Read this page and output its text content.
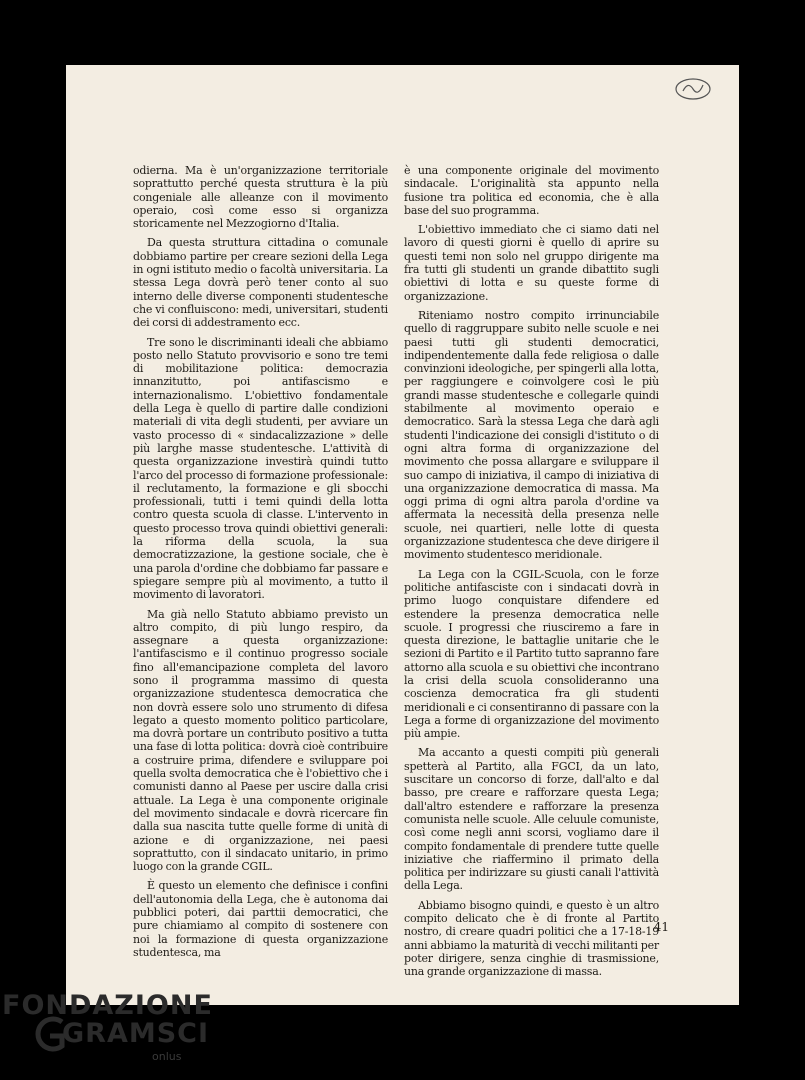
odierna. Ma è un'organizzazione territoriale soprattutto perché questa struttura è la più congeniale alle alleanze con il movimento operaio, così come esso si organizza storicamente nel Mezzogiorno d'Italia.

Da questa struttura cittadina o comunale dobbiamo partire per creare sezioni della Lega in ogni istituto medio o facoltà universitaria. La stessa Lega dovrà però tener conto al suo interno delle diverse componenti studentesche che vi confluiscono: medi, universitari, studenti dei corsi di addestramento ecc.

Tre sono le discriminanti ideali che abbiamo posto nello Statuto provvisorio e sono tre temi di mobilitazione politica: democrazia innanzitutto, poi antifascismo e internazionalismo. L'obiettivo fondamentale della Lega è quello di partire dalle condizioni materiali di vita degli studenti, per avviare un vasto processo di « sindacalizzazione » delle più larghe masse studentesche. L'attività di questa organizzazione investirà quindi tutto l'arco del processo di formazione professionale: il reclutamento, la formazione e gli sbocchi professionali, tutti i temi quindi della lotta contro questa scuola di classe. L'intervento in questo processo trova quindi obiettivi generali: la riforma della scuola, la sua democratizzazione, la gestione sociale, che è una parola d'ordine che dobbiamo far passare e spiegare sempre più al movimento, a tutto il movimento di lavoratori.

Ma già nello Statuto abbiamo previsto un altro compito, di più lungo respiro, da assegnare a questa organizzazione: l'antifascismo e il continuo progresso sociale fino all'emancipazione completa del lavoro sono il programma massimo di questa organizzazione studentesca democratica che non dovrà essere solo uno strumento di difesa legato a questo momento politico particolare, ma dovrà portare un contributo positivo a tutta una fase di lotta politica: dovrà cioè contribuire a costruire prima, difendere e sviluppare poi quella svolta democratica che è l'obiettivo che i comunisti danno al Paese per uscire dalla crisi attuale. La Lega è una componente originale del movimento sindacale e dovrà ricercare fin dalla sua nascita tutte quelle forme di unità di azione e di organizzazione, nei paesi soprattutto, con il sindacato unitario, in primo luogo con la grande CGIL.

È questo un elemento che definisce i confini dell'autonomia della Lega, che è autonoma dai pubblici poteri, dai parttii democratici, che pure chiamiamo al compito di sostenere con noi la formazione di questa organizzazione studentesca, ma

è una componente originale del movimento sindacale. L'originalità sta appunto nella fusione tra politica ed economia, che è alla base del suo programma.

L'obiettivo immediato che ci siamo dati nel lavoro di questi giorni è quello di aprire su questi temi non solo nel gruppo dirigente ma fra tutti gli studenti un grande dibattito sugli obiettivi di lotta e su queste forme di organizzazione.

Riteniamo nostro compito irrinunciabile quello di raggruppare subito nelle scuole e nei paesi tutti gli studenti democratici, indipendentemente dalla fede religiosa o dalle convinzioni ideologiche, per spingerli alla lotta, per raggiungere e coinvolgere così le più grandi masse studentesche e collegarle quindi stabilmente al movimento operaio e democratico. Sarà la stessa Lega che darà agli studenti l'indicazione dei consigli d'istituto o di ogni altra forma di organizzazione del movimento che possa allargare e sviluppare il suo campo di iniziativa, il campo di iniziativa di una organizzazione democratica di massa. Ma oggi prima di ogni altra parola d'ordine va affermata la necessità della presenza nelle scuole, nei quartieri, nelle lotte di questa organizzazione studentesca che deve dirigere il movimento studentesco meridionale.

La Lega con la CGIL-Scuola, con le forze politiche antifasciste con i sindacati dovrà in primo luogo conquistare difendere ed estendere la presenza democratica nelle scuole. I progressi che riusciremo a fare in questa direzione, le battaglie unitarie che le sezioni di Partito e il Partito tutto sapranno fare attorno alla scuola e su obiettivi che incontrano la crisi della scuola consolideranno una coscienza democratica fra gli studenti meridionali e ci consentiranno di passare con la Lega a forme di organizzazione del movimento più ampie.

Ma accanto a questi compiti più generali spetterà al Partito, alla FGCI, da un lato, suscitare un concorso di forze, dall'alto e dal basso, pre creare e rafforzare questa Lega; dall'altro estendere e rafforzare la presenza comunista nelle scuole. Alle celuule comuniste, così come negli anni scorsi, vogliamo dare il compito fondamentale di prendere tutte quelle iniziative che riaffermino il primato della politica per indirizzare su giusti canali l'attività della Lega.

Abbiamo bisogno quindi, e questo è un altro compito delicato che è di fronte al Partito nostro, di creare quadri politici che a 17-18-19 anni abbiamo la maturità di vecchi militanti per poter dirigere, senza cinghie di trasmissione, una grande organizzazione di massa.

41
FONDAZIONE
GRAMSCI
onlus
